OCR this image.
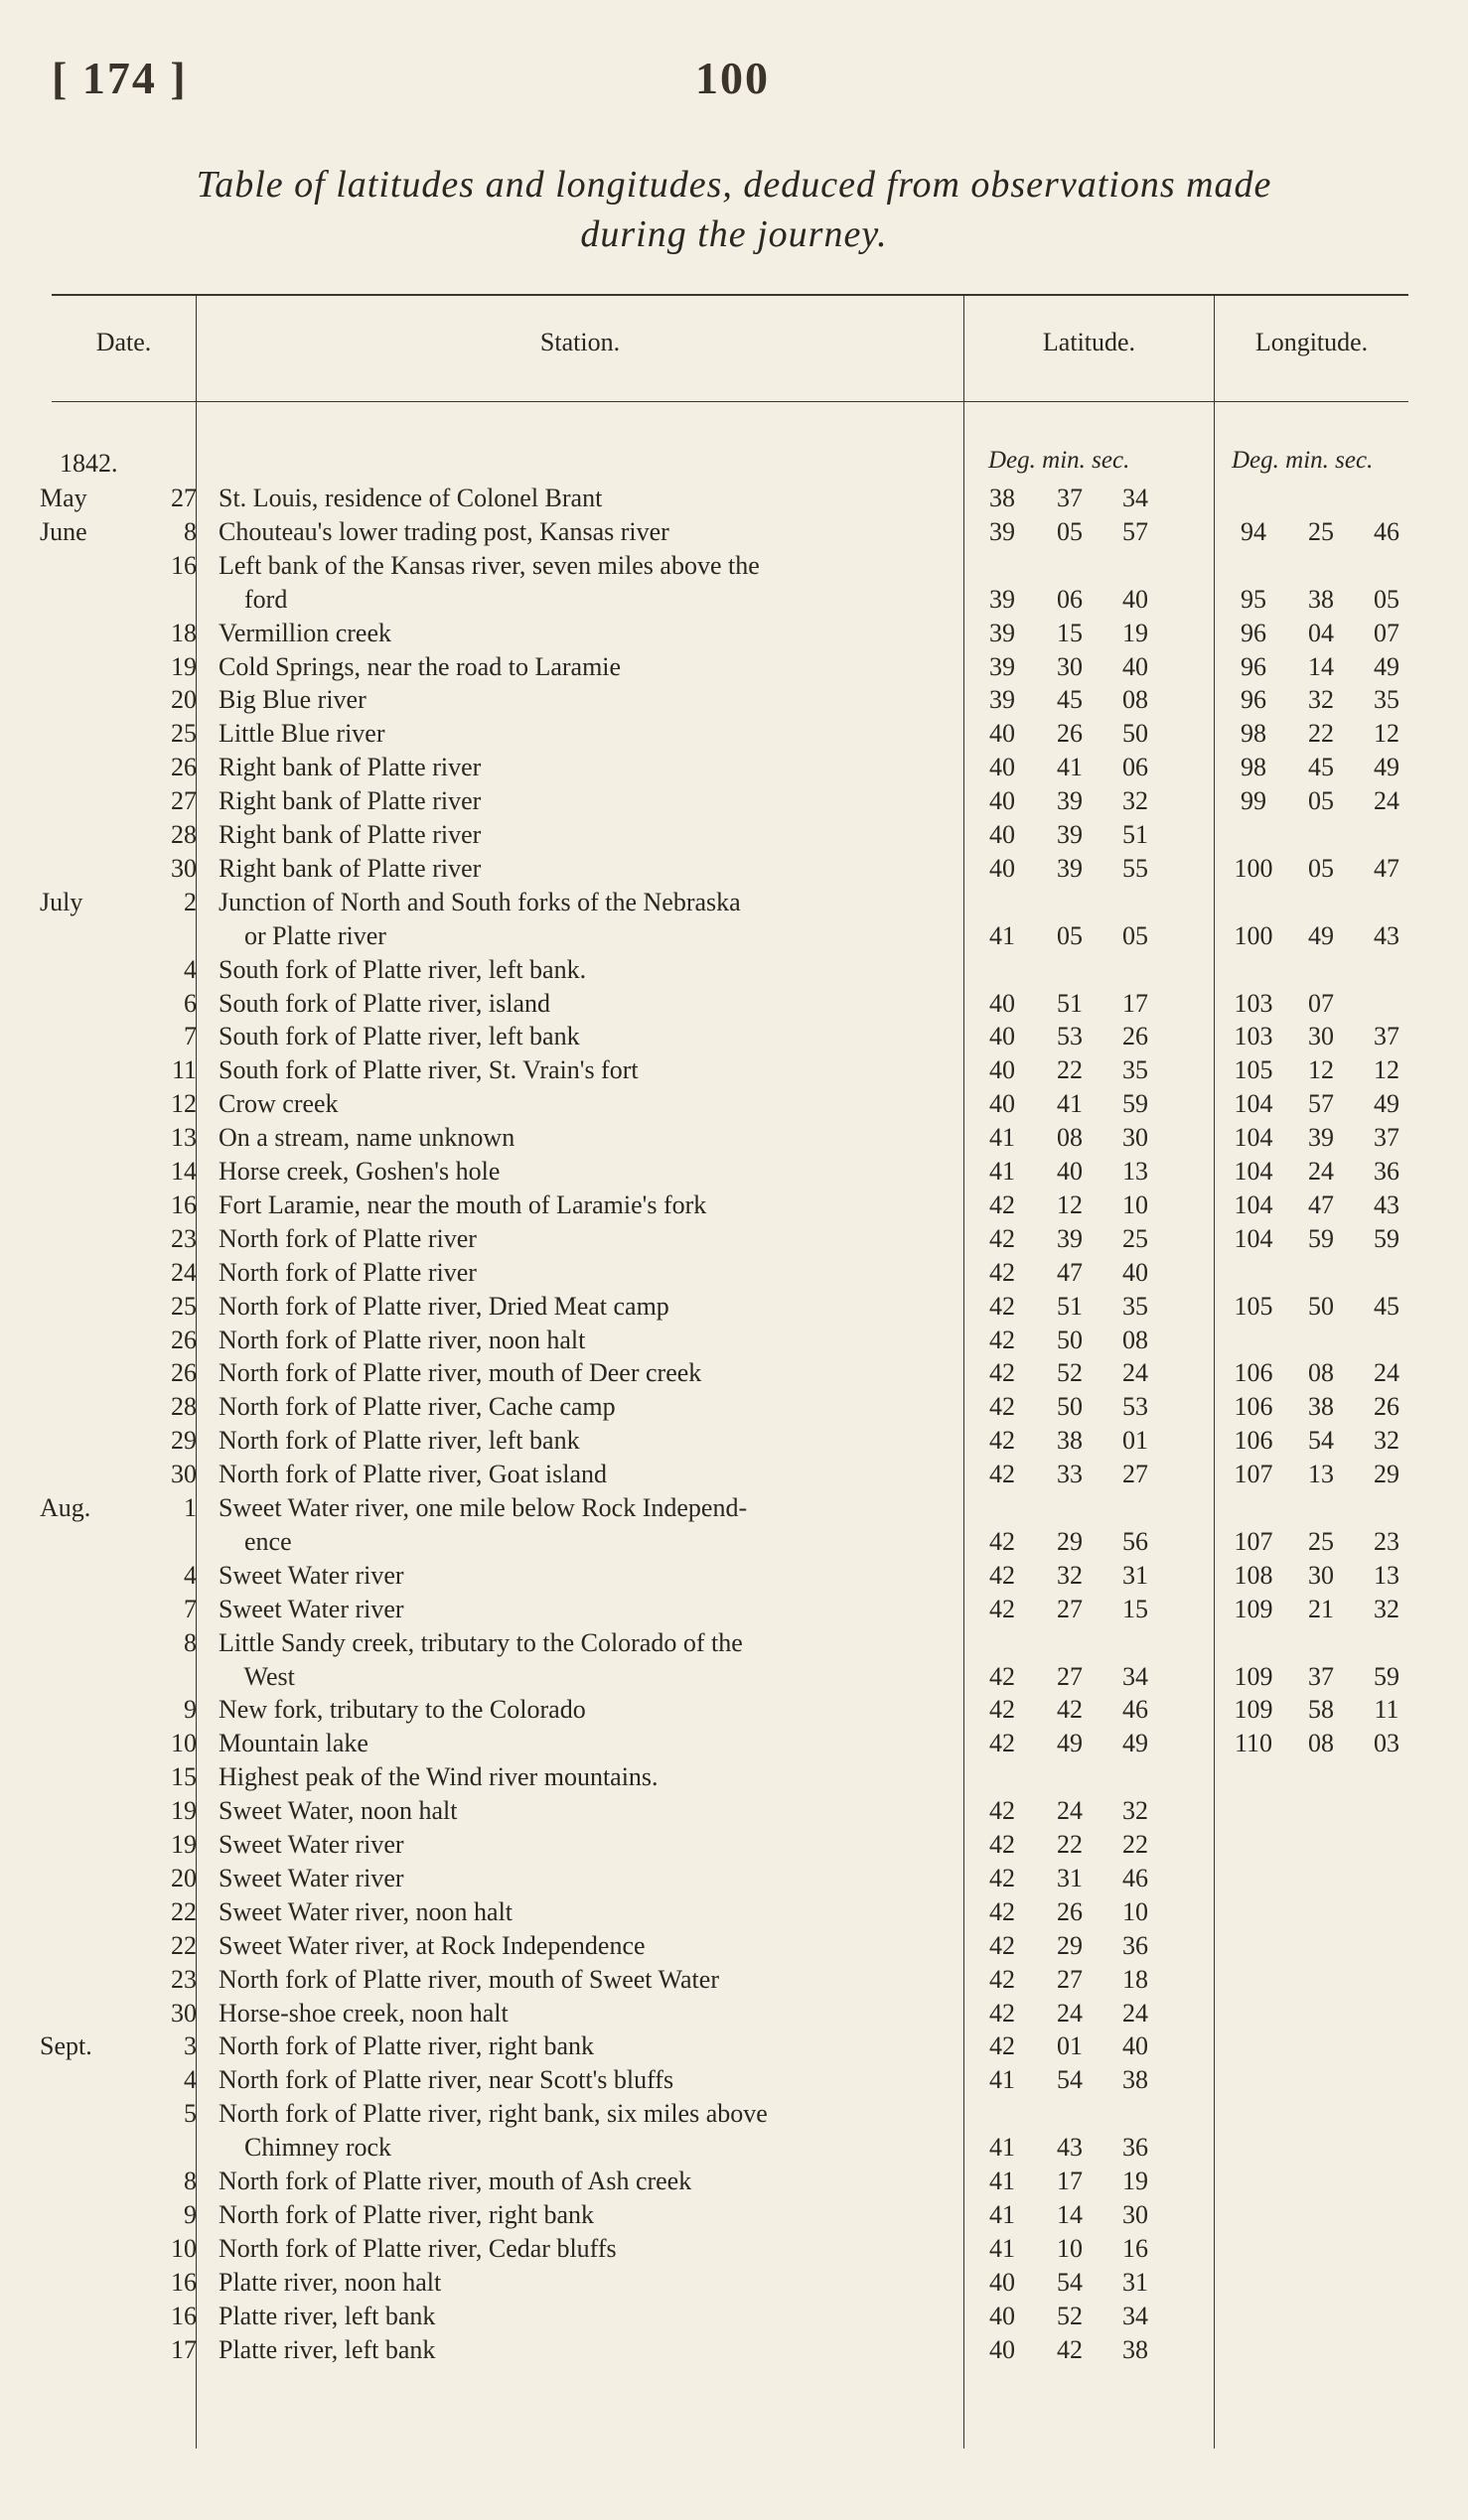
[ 174 ]	100
Table of latitudes and longitudes, deduced from observations made
during the journey.
Date.	Station.	Latitude.	Longitude.
1842.	Deg. min. sec.	Deg. min. sec.
May	27 St. Louis, residence of Colonel Brant	38	37	34
June	8 Chouteau's lower trading post, Kansas river	39	05	57	94	25	46
16 Left bank of the Kansas river, seven miles above the
ford	39	06	40	95	38	05
18 Vermillion creek	39	15	19	96	04	07
19 Cold Springs, near the road to Laramie	39	30	40	96	14	49
20 Big Blue river	39	45	08	96	32	35
25 Little Blue river	40	26	50	98	22	12
26 Right bank of Platte river	40	41	06	98	45	49
27 Right bank of Platte river	40	39	32	99	05	24
28 Right bank of Platte river	40	39	51
30 Right bank of Platte river	40	39	55	100	05	47
July	2 Junction of North and South forks of the Nebraska
or Platte river	41	05	05	100	49	43
4 South fork of Platte river, left bank.
6 South fork of Platte river, island	40	51	17	103	07
7 South fork of Platte river, left bank	40	53	26	103	30	37
11 South fork of Platte river, St. Vrain's fort	40	22	35	105	12	12
12 Crow creek	40	41	59	104	57	49
13 On a stream, name unknown	41	08	30	104	39	37
14 Horse creek, Goshen's hole	41	40	13	104	24	36
16 Fort Laramie, near the mouth of Laramie's fork	42	12	10	104	47	43
23 North fork of Platte river	42	39	25	104	59	59
24 North fork of Platte river	42	47	40
25 North fork of Platte river, Dried Meat camp	42	51	35	105	50	45
26 North fork of Platte river, noon halt	42	50	08
26 North fork of Platte river, mouth of Deer creek	42	52	24	106	08	24
28 North fork of Platte river, Cache camp	42	50	53	106	38	26
29 North fork of Platte river, left bank	42	38	01	106	54	32
30 North fork of Platte river, Goat island	42	33	27	107	13	29
Aug.	1 Sweet Water river, one mile below Rock Independ-
ence	42	29	56	107	25	23
4 Sweet Water river	42	32	31	108	30	13
7 Sweet Water river	42	27	15	109	21	32
8 Little Sandy creek, tributary to the Colorado of the
West	42	27	34	109	37	59
9 New fork, tributary to the Colorado	42	42	46	109	58	11
10 Mountain lake	42	49	49	110	08	03
15 Highest peak of the Wind river mountains.
19 Sweet Water, noon halt	42	24	32
19 Sweet Water river	42	22	22
20 Sweet Water river	42	31	46
22 Sweet Water river, noon halt	42	26	10
22 Sweet Water river, at Rock Independence	42	29	36
23 North fork of Platte river, mouth of Sweet Water	42	27	18
30 Horse-shoe creek, noon halt	42	24	24
Sept.	3 North fork of Platte river, right bank	42	01	40
4 North fork of Platte river, near Scott's bluffs	41	54	38
5 North fork of Platte river, right bank, six miles above
Chimney rock	41	43	36
8 North fork of Platte river, mouth of Ash creek	41	17	19
9 North fork of Platte river, right bank	41	14	30
10 North fork of Platte river, Cedar bluffs	41	10	16
16 Platte river, noon halt	40	54	31
16 Platte river, left bank	40	52	34
17 Platte river, left bank	40	42	38
